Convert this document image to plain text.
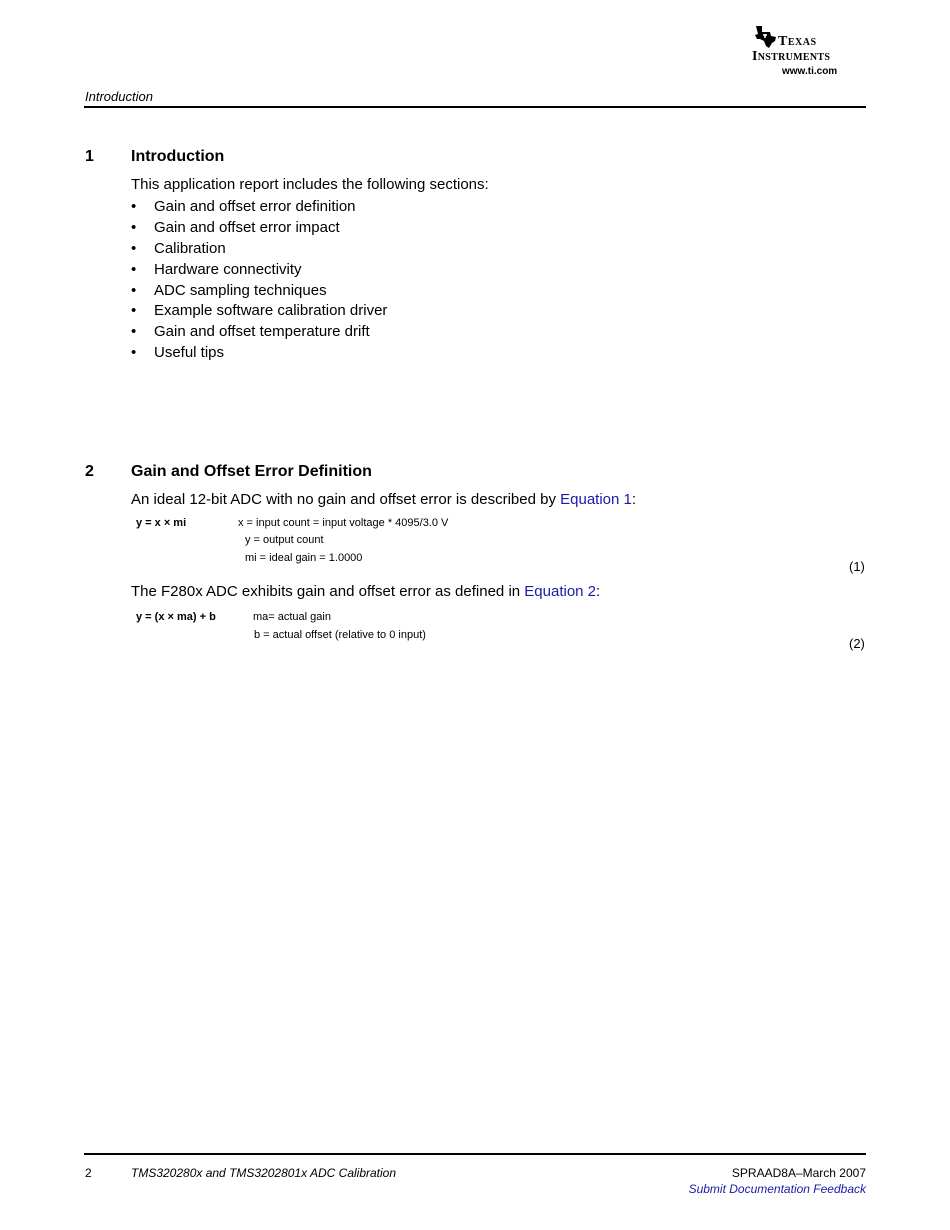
Texas
Instruments
www.ti.com
Introduction
1 Introduction
This application report includes the following sections:
• Gain and offset error definition
• Gain and offset error impact
• Calibration
• Hardware connectivity
• ADC sampling techniques
• Example software calibration driver
• Gain and offset temperature drift
• Useful tips
2 Gain and Offset Error Definition
An ideal 12-bit ADC with no gain and offset error is described by Equation 1:
y = x × mi	x = input count = input voltage * 4095/3.0 V
y = output count
mi = ideal gain = 1.0000
(1)
The F280x ADC exhibits gain and offset error as defined in Equation 2:
y = (x × ma) + b	ma= actual gain
b = actual offset (relative to 0 input)
(2)
2	TMS320280x and TMS3202801x ADC Calibration	SPRAAD8A–March 2007
Submit Documentation Feedback
